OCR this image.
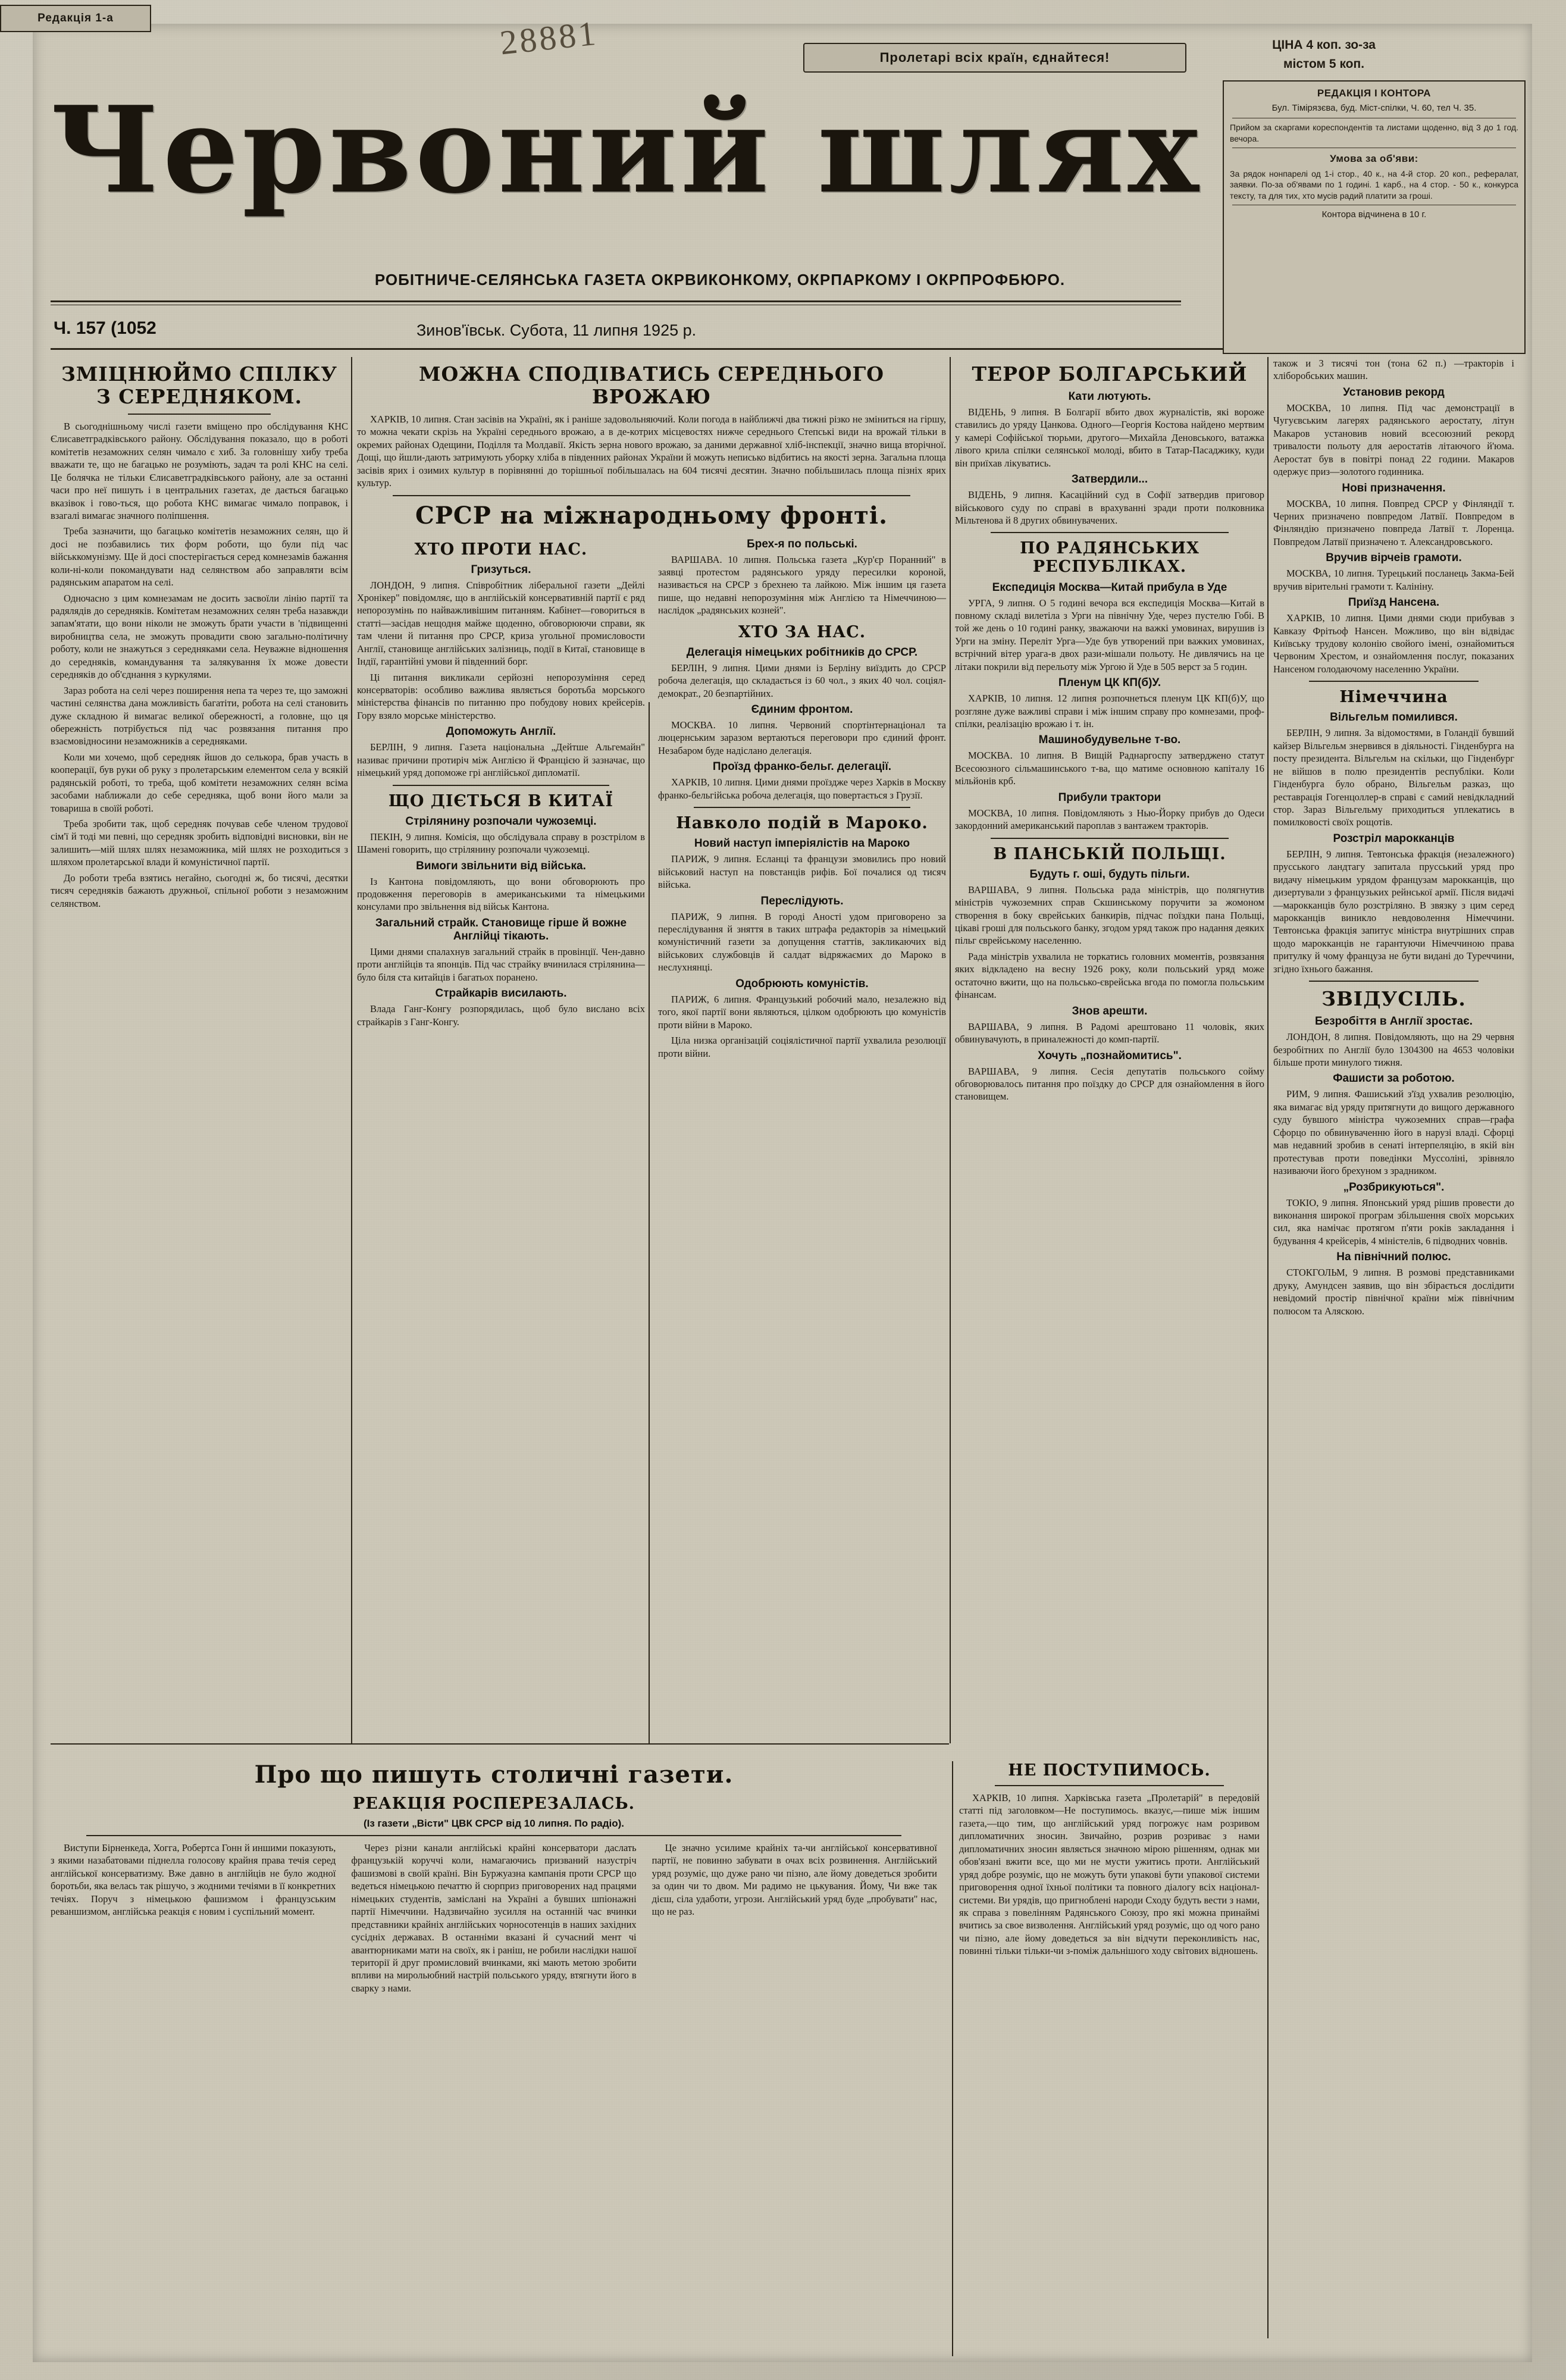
Редакція 1-а	28881	Пролетарі всіх країн, єднайтеся!
ЦІНА 4 коп. зо-за
містом 5 коп.
Червоний шлях
РОБІТНИЧЕ-СЕЛЯНСЬКА ГАЗЕТА ОКРВИКОНКОМУ, ОКРПАРКОМУ І ОКРПРОФБЮРО.
Ч. 157 (1052	Зинов'ївськ. Субота, 11 липня 1925 р.
РЕДАКЦІЯ І КОНТОРА
Бул. Тімірязєва, буд. Міст-спілки, Ч. 60, тел Ч. 35.

Прийом за скаргами кореспондентів та листами щоденно, від 3 до 1 год. вечора.

Умова за об'яви:

За рядок нонпарелі од 1-і стор., 40 к., на 4-й стор. 20 коп., рефералат, заявки. По-за об'явами по 1 годині. 1 карб., на 4 стор. - 50 к., конкурса тексту, та для тих, хто мусів радий платити за гроші.

Контора відчинена в 10 г.
ЗМІЦНЮЙМО СПІЛКУ З СЕРЕДНЯКОМ.

В сьогоднішньому числі газети вміщено про обслідування КНС Єлисаветградківського району. Обслідування показало, що в роботі комітетів незаможних селян чимало є хиб. За головнішу хибу треба вважати те, що не багацько не розуміють, задач та ролі КНС на селі. Це болячка не тільки Єлисаветградківського району, але за останні часи про неї пишуть і в центральних газетах, де дається багацько вказівок і гово-ться, що робота КНС вимагає чимало поправок, і взагалі вимагає значного поліпшення.

Треба зазначити, що багацько комітетів незаможних селян, що й досі не позбавились тих форм роботи, що були під час військкомунізму. Ще й досі спостерігається серед комнезамів бажання коли-ні-коли покомандувати над селянством або заправляти всім радянським апаратом на селі.

Одночасно з цим комнезамам не досить засвоїли лінію партії та радялядів до середняків. Комітетам незаможних селян треба назавжди запам'ятати, що вони ніколи не зможуть брати участи в 'підвищенні виробництва села, не зможуть провадити свою загально-політичну роботу, коли не знажуться з середняками села. Неуважне відношення до середняків, командування та залякування їх може довести середняків до об'єднання з куркулями.

Зараз робота на селі через поширення непа та через те, що заможні частині селянства дана можливість багатіти, робота на селі становить дуже складною й вимагає великої обережності, а головне, що ця обережність потрібується під час розвязання питання про взаємовідносини незаможників а середняками.

Коли ми хочемо, щоб середняк йшов до селькора, брав участь в кооперації, був руки об руку з пролетарським елементом села у всякій радянській роботі, то треба, щоб комітети незаможних селян всіма засобами наближали до себе середняка, щоб вони його мали за товариша в своїй роботі.

Треба зробити так, щоб середняк почував себе членом трудової сім'ї й тоді ми певні, що середняк зробить відповідні висновки, він не залишить—мій шлях шлях незаможника, мій шлях не розходиться з шляхом пролетарської влади й комуністичної партії.

До роботи треба взятись негайно, сьогодні ж, бо тисячі, десятки тисяч середняків бажають дружньої, спільної роботи з незаможним селянством.

МОЖНА СПОДІВАТИСЬ СЕРЕДНЬОГО ВРОЖАЮ

ХАРКІВ, 10 липня. Стан засівів на Україні, як і раніше задовольняючий. Коли погода в найближчі два тижні різко не зміниться на гіршу, то можна чекати скрізь на Україні середнього врожаю, а в де-котрих місцевостях нижче середнього Степські види на врожай тільки в окремих районах Одещини, Поділля та Молдавії. Якість зерна нового врожаю, за даними державної хліб-інспекції, значно вища вторічної. Дощі, що йшли-дають затримують уборку хліба в південних районах України й можуть неписько відбитись на якості зерна. Загальна площа засівів ярих і озимих культур в порівнянні до торішньої побільшалась на 604 тисячі десятин. Значно побільшилась площа пізніх ярих культур.

СРСР на міжнародньому фронті.
ХТО ПРОТИ НАС.
Гризуться.

ЛОНДОН, 9 липня. Співробітник ліберальної газети „Дейлі Хронікер" повідомляє, що в англійській консервативній партії є ряд непорозумінь по найважливішим питанням. Кабінет—говориться в статті—засідав нещодня майже щоденно, обговорюючи справи, як там члени й питання про СРСР, криза угольної промисловости Англії, становище англійських залізниць, події в Китаї, становище в Індії, гарантійні умови й південний борг.

Ці питання викликали серйозні непорозуміння серед консерваторів: особливо важлива являється боротьба морського міністерства фінансів по питанню про побудову нових крейсерів. Гору взяло морське міністерство.

Допоможуть Англії.

БЕРЛІН, 9 липня. Газета національна „Дейтше Альгемайн" називає причини протиріч між Англією й Францією й зазначає, що німецький уряд допоможе грі англійської дипломатії.

ЩО ДІЄТЬСЯ В КИТАЇ
Стрілянину розпочали чужоземці.

ПЕКІН, 9 липня. Комісія, що обслідувала справу в розстрілом в Шамені говорить, що стрілянину розпочали чужоземці.

Вимоги звільнити від війська.

Із Кантона повідомляють, що вони обговорюють про продовження переговорів в американськими та німецькими консулами про звільнення від військ Кантона.

Загальний страйк. Становище гірше й вожне Англійці тікають.

Цими днями спалахнув загальний страйк в провінції. Чен-давно проти англійців та японців. Під час страйку вчинилася стрілянина—було біля ста китайців і багатьох поранено.

Страйкарів висилають.

Влада Ганг-Конгу розпорядилась, щоб було вислано всіх страйкарів з Ганг-Конгу.

Брех-я по польські.

ВАРШАВА. 10 липня. Польська газета „Кур'єр Поранний" в заявці протестом радянського уряду пересилки короной, називається на СРСР з брехнею та лайкою. Між іншим ця газета пише, що недавні непорозуміння між Англією та Німеччиною—наслідок „радянських козней".

ХТО ЗА НАС.
Делегація німецьких робітників до СРСР.

БЕРЛІН, 9 липня. Цими днями із Берліну виїздить до СРСР робоча делегація, що складається із 60 чол., з яких 40 чол. соціял-демократ., 20 безпартійних.

Єдиним фронтом.

МОСКВА. 10 липня. Червоний спортінтернаціонал та люцернським заразом вертаються переговори про єдиний фронт. Незабаром буде надіслано делегація.

Проїзд франко-бельг. делегації.

ХАРКІВ, 10 липня. Цими днями проїздже через Харків в Москву франко-бельгійська робоча делегація, що повертається з Грузії.

Навколо подій в Мароко.
Новий наступ імперіялістів на Мароко

ПАРИЖ, 9 липня. Есланці та французи змовились про новий військовий наступ на повстанців рифів. Бої почалися од тисяч війська.

Переслідують.

ПАРИЖ, 9 липня. В городі Аності удом приговорено за переслідування й зняття в таких штрафа редакторів за німецький комуністичний газети за допущення статтів, закликаючих від військових службовців й салдат відряжаємих до Мароко в неслухнянці.

Одобрюють комуністів.

ПАРИЖ, 6 липня. Французький робочий мало, незалежно від того, якої партії вони являються, цілком одобрюють цю комуністів проти війни в Мароко.

Ціла низка організацій соціялістичної партії ухвалила резолюції проти війни.

ТЕРОР БОЛГАРСЬКИЙ
Кати лютують.

ВІДЕНЬ, 9 липня. В Болгарії вбито двох журналістів, які вороже ставились до уряду Цанкова. Одного—Георгія Костова найдено мертвим у камері Софійської тюрьми, другого—Михайла Деновського, ватажка лівого крила спілки селянської молоді, вбито в Татар-Пасаджику, куди він приїхав лікуватись.

Затвердили...

ВІДЕНЬ, 9 липня. Касаційний суд в Софії затвердив приговор військового суду по справі в врахуванні зради проти полковника Мільтенова й 8 других обвинувачених.

ПО РАДЯНСЬКИХ РЕСПУБЛІКАХ.
Експедиція Москва—Китай прибула в Уде

УРГА, 9 липня. О 5 годині вечора вся експедиція Москва—Китай в повному складі вилетіла з Урги на північну Уде, через пустелю Гобі. В той же день о 10 годині ранку, зважаючи на важкі умовинах, вирушив із Урги на зміну. Переліт Урга—Уде був утворений при важких умовинах, встрічний вітер урага-в двох рази-мішали польоту. Не дивлячись на це літаки покрили від перельоту між Ургою й Уде в 505 верст за 5 годин.

Пленум ЦК КП(б)У.

ХАРКІВ, 10 липня. 12 липня розпочнеться пленум ЦК КП(б)У, що розгляне дуже важливі справи і між іншим справу про комнезами, проф-спілки, реалізацію врожаю і т. ін.

Машинобудувельне т-во.

МОСКВА. 10 липня. В Вищій Раднаргоспу затверджено статут Всесоюзного сільмашинського т-ва, що матиме основною капіталу 16 мільйонів крб.

Прибули трактори

МОСКВА, 10 липня. Повідомляють з Нью-Йорку прибув до Одеси закордонний американський пароплав з вантажем тракторів.

В ПАНСЬКІЙ ПОЛЬЩІ.
Будуть г. оші, будуть пільги.

ВАРШАВА, 9 липня. Польська рада міністрів, що полягнутив міністрів чужоземних справ Скшинському поручити за жомоном створення в боку єврейських банкирів, підчас поїздки пана Польщі, цікаві гроші для польського банку, згодом уряд також про надання деяких пільг єврейському населенню.

Рада міністрів ухвалила не торкатись головних моментів, розвязання яких відкладено на весну 1926 року, коли польський уряд може остаточно вжити, що на польсько-єврейська вгода по помогла польським фінансам.

Знов арешти.

ВАРШАВА, 9 липня. В Радомі арештовано 11 чоловік, яких обвинувачують, в приналежності до комп-партії.

Хочуть „познайомитись".

ВАРШАВА, 9 липня. Сесія депутатів польського сойму обговорювалось питання про поїздку до СРСР для ознайомлення в його становищем.

також и 3 тисячі тон (тона 62 п.) —тракторів і хліборобських машин.

Установив рекорд

МОСКВА, 10 липня. Під час демонстрації в Чугуєвським лагерях радянського аеростату, літун Макаров установив новий всесоюзний рекорд тривалости польоту для аеростатів літаючого й'юма. Аеростат був в повітрі понад 22 години. Макаров одержує приз—золотого годинника.

Нові призначення.

МОСКВА, 10 липня. Повпред СРСР у Фінляндії т. Черних призначено повпредом Латвії. Повпредом в Фінляндію призначено повпреда Латвії т. Лоренца. Повпредом Латвії призначено т. Александровського.

Вручив вірчеів грамоти.

МОСКВА, 10 липня. Турецький посланець Закма-Бей вручив вірительні грамоти т. Калініну.

Приїзд Нансена.

ХАРКІВ, 10 липня. Цими днями сюди прибував з Кавказу Фрітьоф Нансен. Можливо, що він відвідає Київську трудову колонію свойого імені, ознайомиться Червоним Хрестом, и ознайомлення послуг, показаних Нансеном голодаючому населенню України.

Німеччина
Вільгельм помилився.

БЕРЛІН, 9 липня. За відомостями, в Голандії бувший кайзер Вільгельм знервився в діяльності. Гінденбурга на посту президента. Вільгельм на скільки, що Гінденбург не війшов в полю президентів республіки. Коли Гінденбурга було обрано, Вільгельм разказ, що реставрація Гогенцоллер-в справі є самий невідкладний стор. Зараз Вільгельму приходиться уплекатись в помилковості своїх рощотів.

Розстріл марокканців

БЕРЛІН, 9 липня. Тевтонська фракція (незалежного) прусського ландтагу запитала прусський уряд про видачу німецьким урядом французам марокканців, що дизертували з французьких рейнської армії. Після видачі—марокканців було розстріляно. В звязку з цим серед марокканців виникло невдоволення Німеччини. Тевтонська фракція запитує міністра внутрішних справ щодо марокканців не гарантуючи Німеччиною права притулку й чому француза не бути видані до Туреччини, згідно їхнього бажання.

ЗВІДУСІЛЬ.
Безробіття в Англії зростає.

ЛОНДОН, 8 липня. Повідомляють, що на 29 червня безробітних по Англії було 1304300 на 4653 чоловіки більше проти минулого тижня.

Фашисти за роботою.

РИМ, 9 липня. Фашиський з'їзд ухвалив резолюцію, яка вимагає від уряду притягнути до вищого державного суду бувшого міністра чужоземних справ—графа Сфорцо по обвинуваченню його в нарузі владі. Сфорці мав недавний зробив в сенаті інтерпеляцію, в якій він протестував проти поведінки Муссоліні, зрівняло називаючи його брехуном з зрадником.

„Розбрикуються".

ТОКІО, 9 липня. Японський уряд рішив провести до виконання широкої програм збільшення своїх морських сил, яка намічає протягом п'яти років закладання і будування 4 крейсерів, 4 міністелів, 6 підводних човнів.

На північний полюс.

СТОКГОЛЬМ, 9 липня. В розмові представниками друку, Амундсен заявив, що він збірається дослідити невідомий простір північної країни між північним полюсом та Аляскою.

Про що пишуть столичні газети.
РЕАКЦІЯ РОСПЕРЕЗАЛАСЬ.
(Із газети „Вісти" ЦВК СРСР від 10 липня. По радіо).

Виступи Бірненкеда, Хогга, Робертса Гонн й иншими показують, з якими назабатовами піднелла голосову крайня права течія серед англійської консерватизму. Вже давно в англійців не було жодної боротьби, яка велась так рішучо, з жодними течіями в її конкретних течіях. Поруч з німецькою фашизмом і французським реваншизмом, англійська реакція є новим і суспільний момент.

Через різни канали англійські крайні консерватори даслать французькій коруччі коли, намагаючись призваний назустріч фашизмові в своїй країні. Він Буржуазна кампанія проти СРСР що ведеться німецькою печаттю й сюрприз приговорених над працями німецьких студентів, заміслані на Україні а бувших шпіонажні партії Німеччини. Надзвичайно зусилля на останній час вчинки представники крайніх англійських чорносотенців в наших західних сусідніх державах. В останніми вказані й сучасний мент чі авантюрниками мати на своїх, як і раніш, не робили наслідки нашої території й друг промисловий вчинками, які мають метою зробити впливи на мирольюбний настрій польського уряду, втягнути його в сварку з нами.

Це значно усилиме крайніх та-чи англійської консервативної партії, не повинно забувати в очах всіх розвинення. Англійський уряд розуміє, що дуже рано чи пізно, але йому доведеться зробити за один чи то двом. Ми радимо не цькувания. Йому, Чи вже так дієш, сіла удаботи, угрози. Англійський уряд буде „пробувати" нас, що не раз.

НЕ ПОСТУПИМОСЬ.

ХАРКІВ, 10 липня. Харківська газета „Пролетарій" в передовій статті під заголовком—Не поступимось. вказує,—пише між іншим газета,—що тим, що англійський уряд погрожує нам розривом дипломатичних зносин. Звичайно, розрив розриває з нами дипломатичних зносин являється значною мірою рішенням, однак ми обов'язані вжити все, що ми не мусти ужитись проти. Англійський уряд добре розуміє, що не можуть бути упакові бути упакової системи приговорення одної їхньої політики та повного діалогу всіх націонал-системи. Ви урядів, що пригноблені народи Сходу будуть вести з нами, як справа з повелінням Радянського Союзу, про які можна принаймі вчитись за свое визволення. Англійський уряд розуміє, що од чого рано чи пізно, але йому доведеться за він відчути переконливість нас, повинні тільки тільки-чи з-поміж дальнішого ходу світових відношень.
